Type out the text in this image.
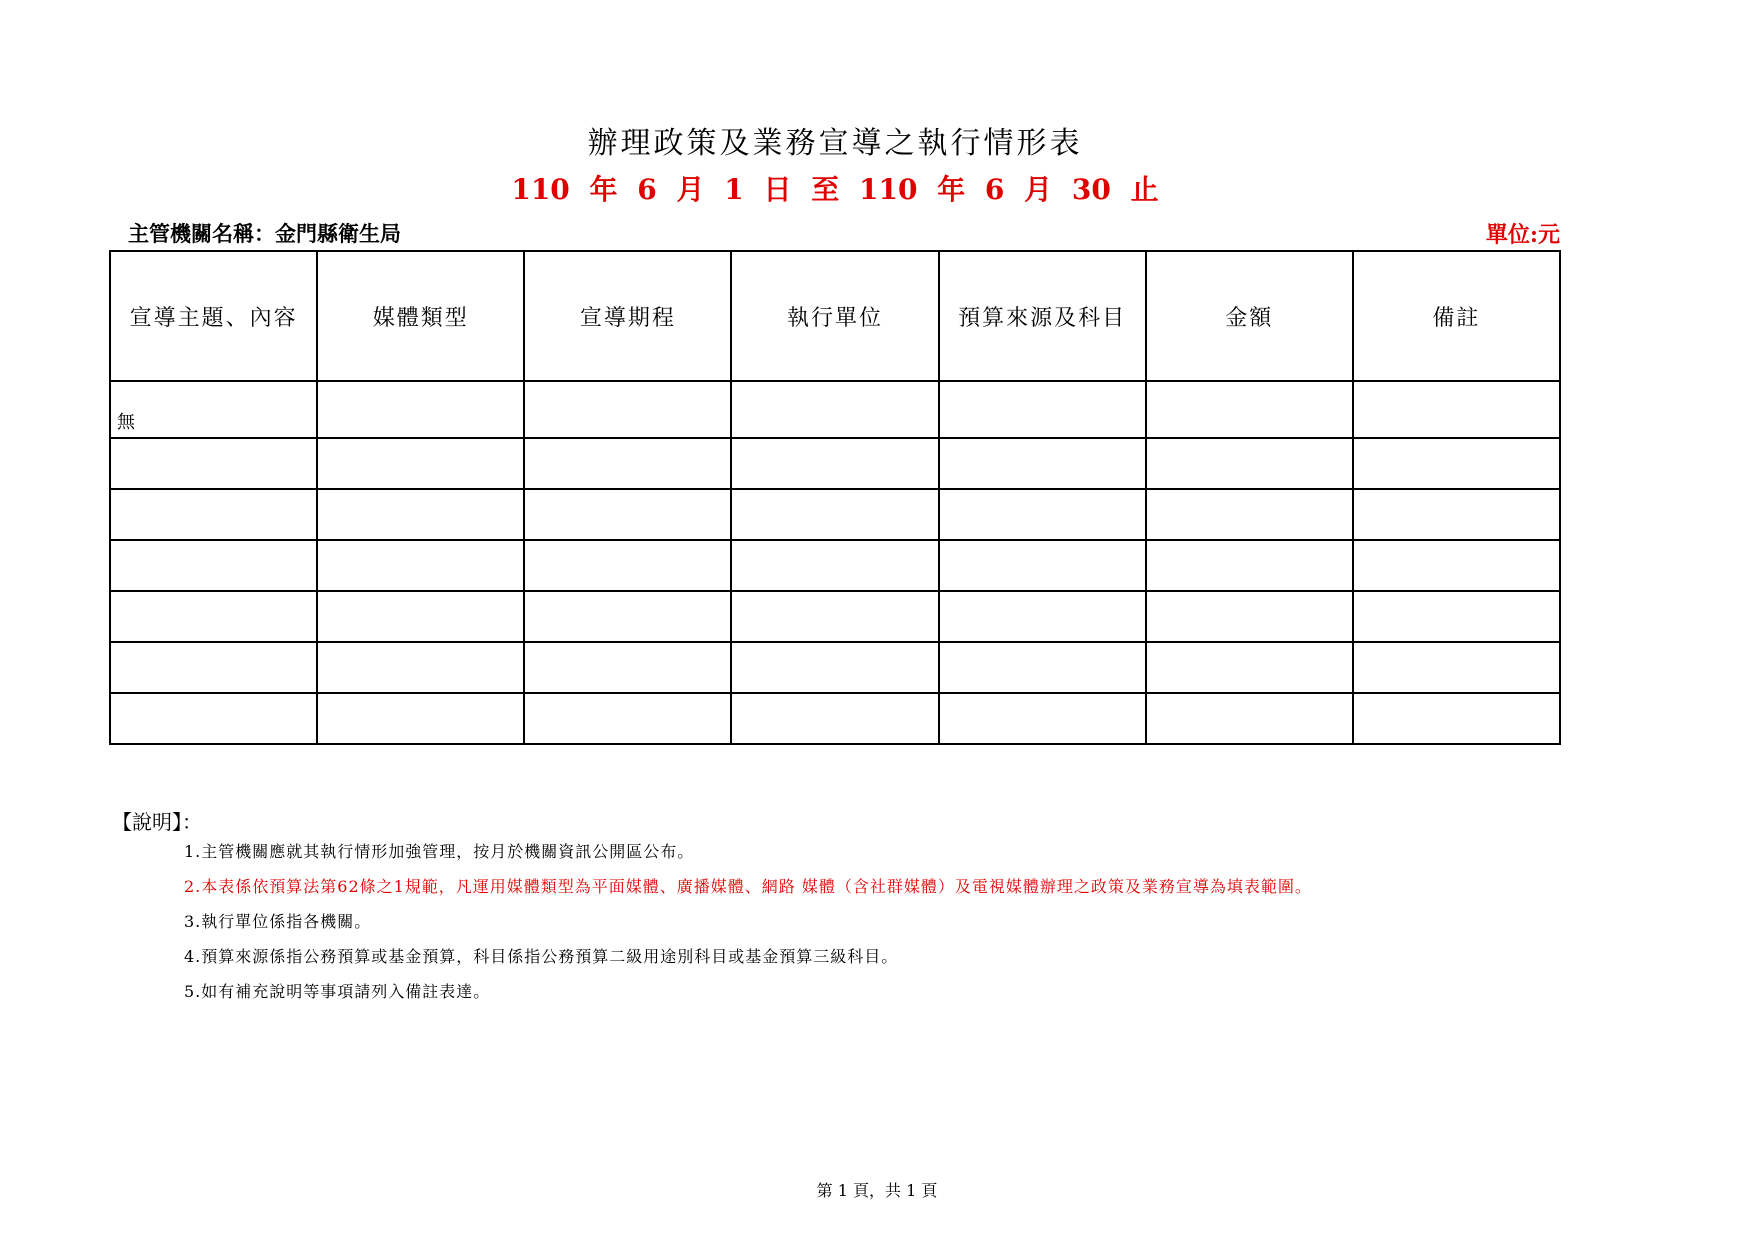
辦理政策及業務宣導之執行情形表
110 年 6 月 1 日 至 110 年 6 月 30 止
主管機關名稱：金門縣衛生局	單位:元
宣導主題、內容	媒體類型	宣導期程	執行單位	預算來源及科目	金額	備註

無						

【說明】：
1.主管機關應就其執行情形加強管理，按月於機關資訊公開區公布。
2.本表係依預算法第62條之1規範，凡運用媒體類型為平面媒體、廣播媒體、網路 媒體（含社群媒體）及電視媒體辦理之政策及業務宣導為填表範圍。
3.執行單位係指各機關。
4.預算來源係指公務預算或基金預算，科目係指公務預算二級用途別科目或基金預算三級科目。
5.如有補充說明等事項請列入備註表達。
第 1 頁，共 1 頁
